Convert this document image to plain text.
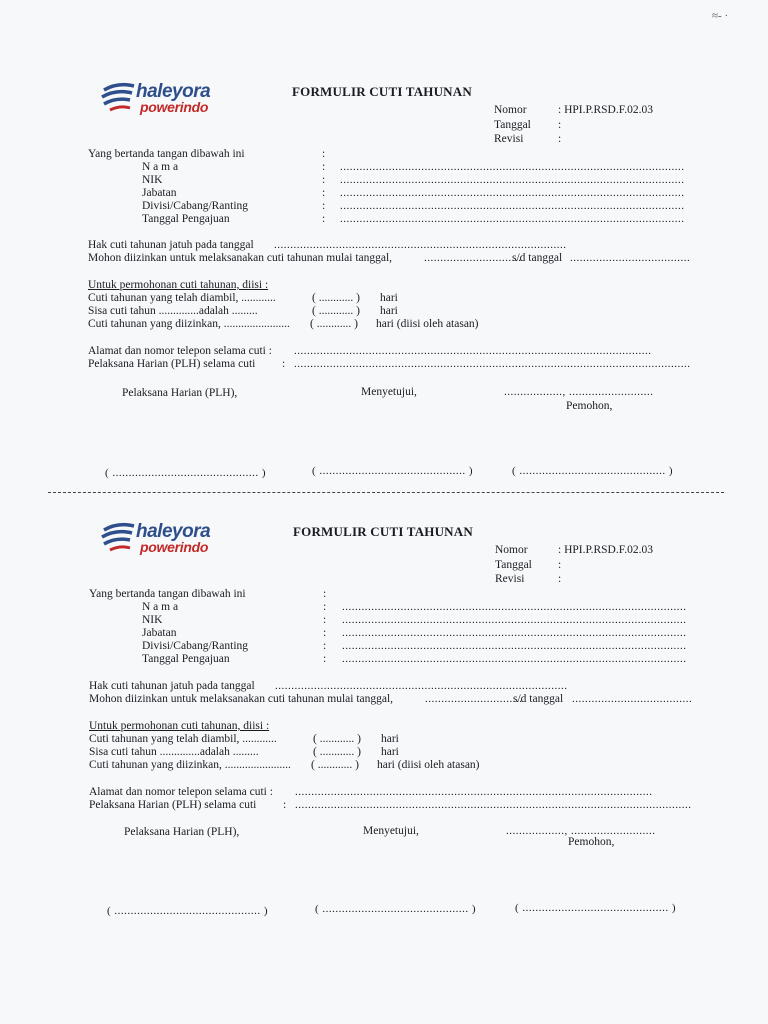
≈- ·
haleyora
powerindo
FORMULIR CUTI TAHUNAN
Nomor	: HPI.P.RSD.F.02.03
Tanggal :
Revisi	:
Yang bertanda tangan dibawah ini	:
N a m a	: ..........................................................................................................
NIK	: ..........................................................................................................
Jabatan	: ..........................................................................................................
Divisi/Cabang/Ranting	: ..........................................................................................................
Tanggal Pengajuan	: ..........................................................................................................
Hak cuti tahunan jatuh pada tanggal ..........................................................................................
Mohon diizinkan untuk melaksanakan cuti tahunan mulai tanggal,	..............................
s/d tanggal .....................................
Untuk permohonan cuti tahunan, diisi :
Cuti tahunan yang telah diambil, ............	( ............ ) hari
Sisa cuti tahun ..............adalah .........	( ............ ) hari
Cuti tahunan yang diizinkan, ....................... ( ............ ) hari (diisi oleh atasan)
Alamat dan nomor telepon selama cuti : ..............................................................................................................
Pelaksana Harian (PLH) selama cuti : ..........................................................................................................................
Pelaksana Harian (PLH),	Menyetujui,	.................., ..........................
Pemohon,
( ............................................. )	( ............................................. )	( ............................................. )
haleyora
powerindo
FORMULIR CUTI TAHUNAN
Nomor	: HPI.P.RSD.F.02.03
Tanggal :
Revisi	:
Yang bertanda tangan dibawah ini	:
N a m a	: ..........................................................................................................
NIK	: ..........................................................................................................
Jabatan	: ..........................................................................................................
Divisi/Cabang/Ranting	: ..........................................................................................................
Tanggal Pengajuan	: ..........................................................................................................
Hak cuti tahunan jatuh pada tanggal ..........................................................................................
Mohon diizinkan untuk melaksanakan cuti tahunan mulai tanggal,	..............................
s/d tanggal .....................................
Untuk permohonan cuti tahunan, diisi :
Cuti tahunan yang telah diambil, ............	( ............ ) hari
Sisa cuti tahun ..............adalah .........	( ............ ) hari
Cuti tahunan yang diizinkan, ....................... ( ............ ) hari (diisi oleh atasan)
Alamat dan nomor telepon selama cuti : ..............................................................................................................
Pelaksana Harian (PLH) selama cuti : ..........................................................................................................................
Pelaksana Harian (PLH),	Menyetujui,	.................., ..........................
Pemohon,
( ............................................. )	( ............................................. )	( ............................................. )
